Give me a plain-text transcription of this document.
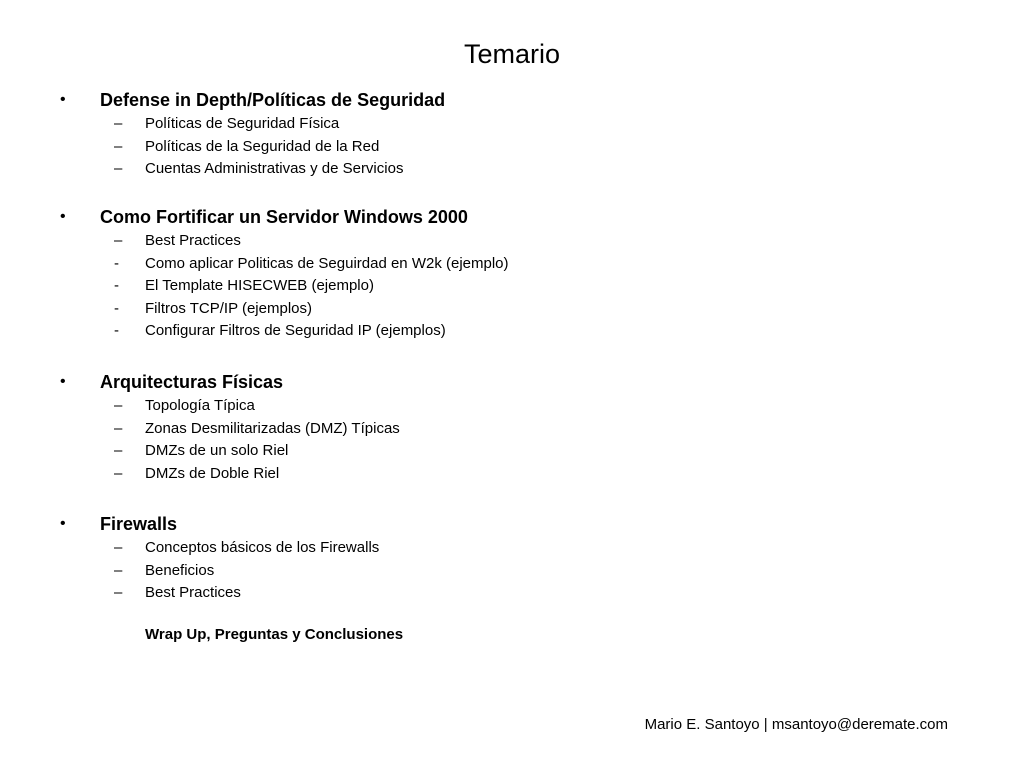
Temario
• Defense in Depth/Políticas de Seguridad
– Políticas de Seguridad Física
– Políticas de la Seguridad de la Red
– Cuentas Administrativas y de Servicios
• Como Fortificar un Servidor Windows 2000
– Best Practices
- Como aplicar Politicas de Seguirdad en W2k (ejemplo)
- El Template HISECWEB (ejemplo)
- Filtros TCP/IP (ejemplos)
- Configurar Filtros de Seguridad IP (ejemplos)
• Arquitecturas Físicas
– Topología Típica
– Zonas Desmilitarizadas (DMZ) Típicas
– DMZs de un solo Riel
– DMZs de Doble Riel
• Firewalls
– Conceptos básicos de los Firewalls
– Beneficios
– Best Practices
Wrap Up, Preguntas y Conclusiones
Mario E. Santoyo | msantoyo@deremate.com
